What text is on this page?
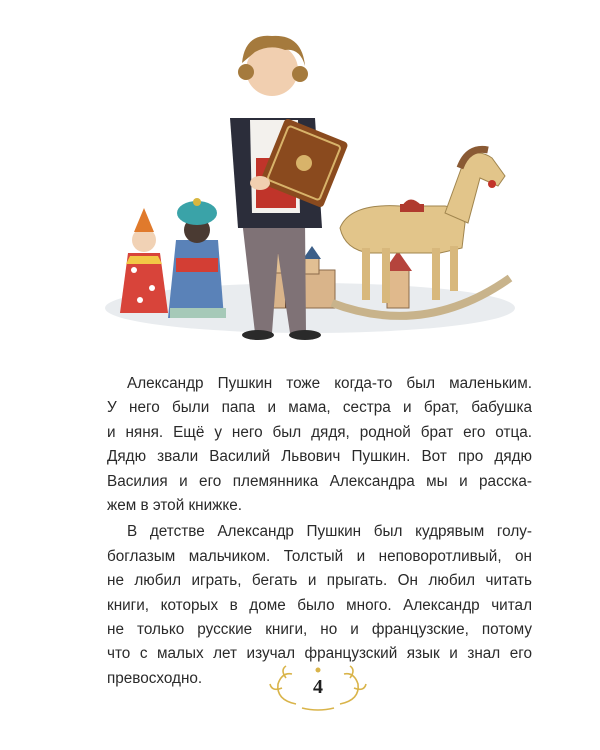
Александр Пушкин тоже когда-то был маленьким.
У него были папа и мама, сестра и брат, бабушка
и няня. Ещё у него был дядя, родной брат его отца.
Дядю звали Василий Львович Пушкин. Вот про дядю
Василия и его племянника Александра мы и расска-
жем в этой книжке.
В детстве Александр Пушкин был кудрявым голу-
боглазым мальчиком. Толстый и неповоротливый, он
не любил играть, бегать и прыгать. Он любил читать
книги, которых в доме было много. Александр читал
не только русские книги, но и французские, потому
что с малых лет изучал французский язык и знал его
превосходно.	4
